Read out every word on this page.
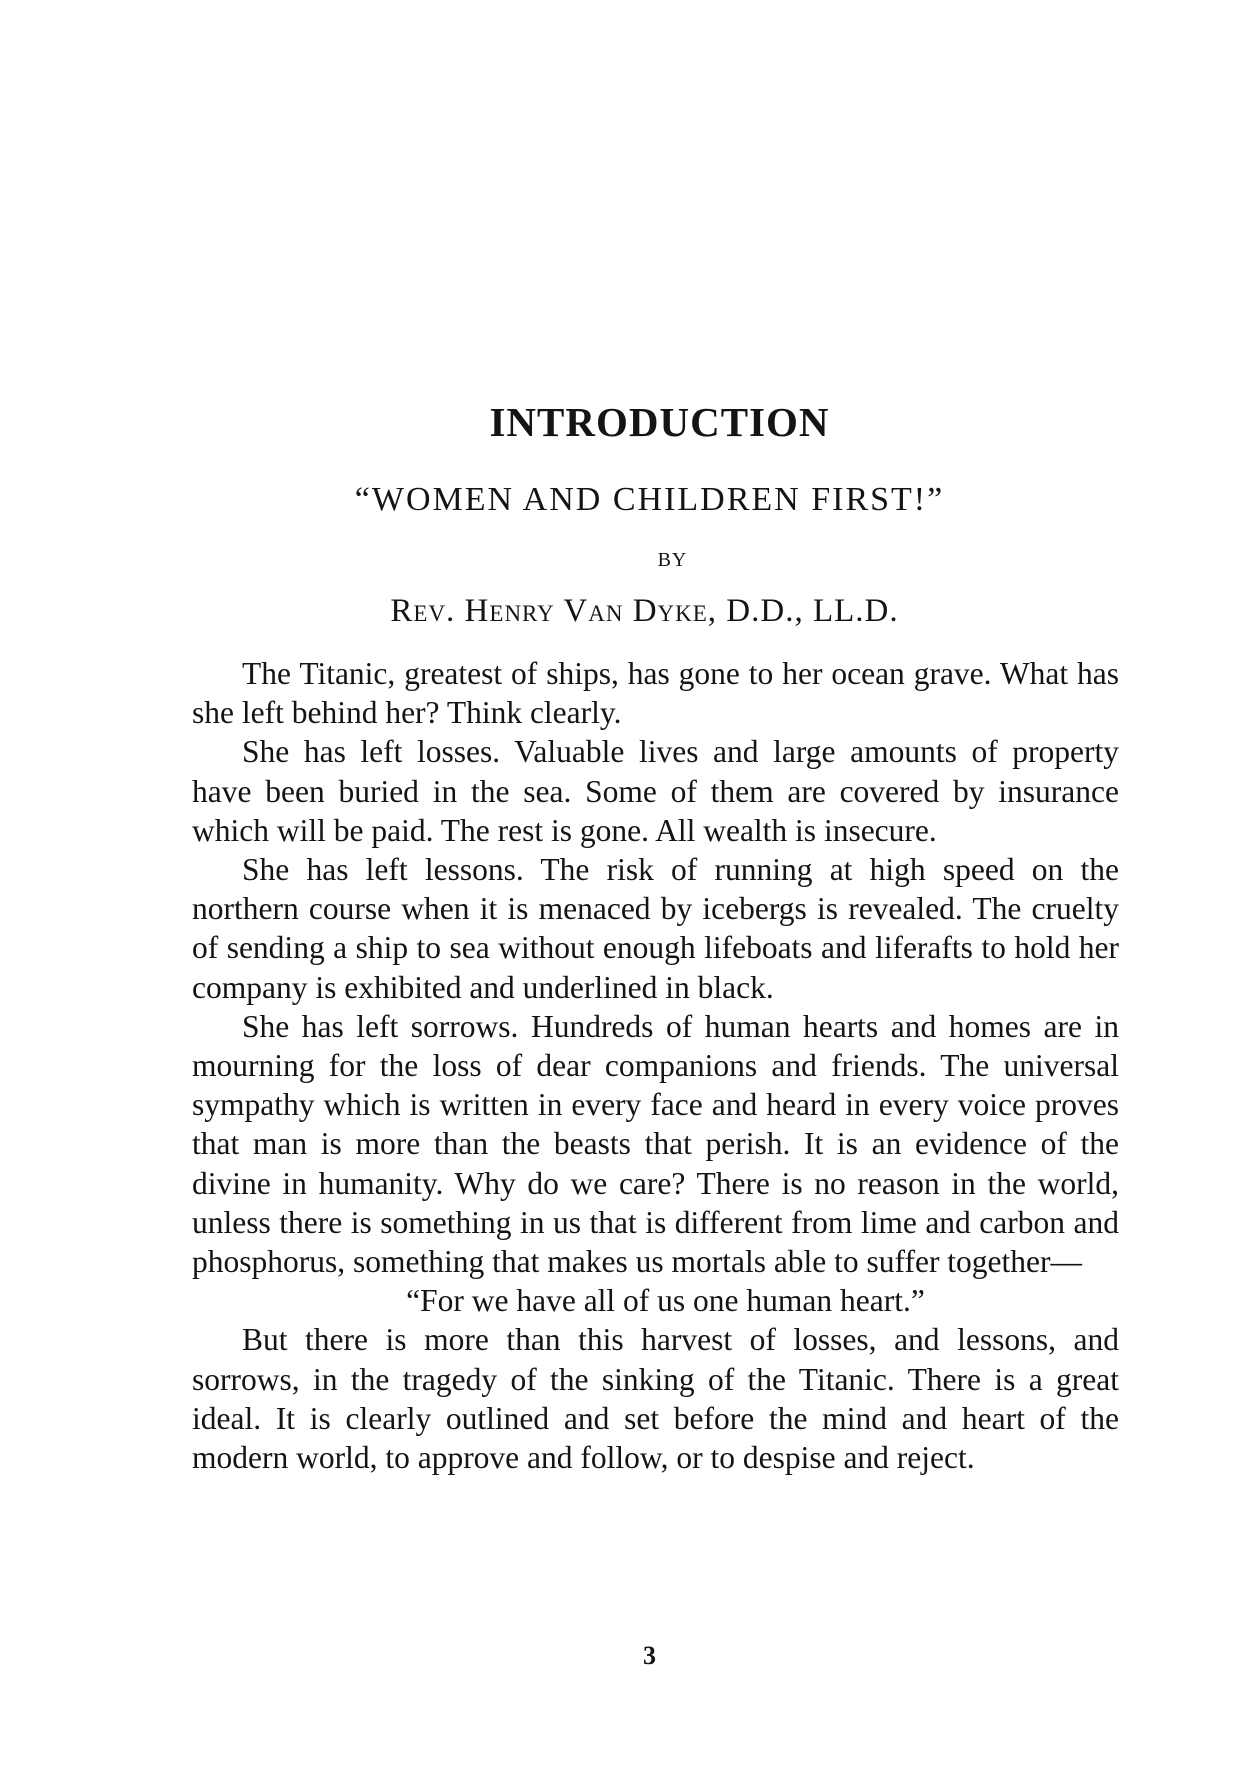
INTRODUCTION
“WOMEN AND CHILDREN FIRST!”
BY
Rev. Henry Van Dyke, D.D., LL.D.

The Titanic, greatest of ships, has gone to her ocean grave. What has she left behind her? Think clearly.

She has left losses. Valuable lives and large amounts of property have been buried in the sea. Some of them are covered by insurance which will be paid. The rest is gone. All wealth is insecure.

She has left lessons. The risk of running at high speed on the northern course when it is menaced by icebergs is revealed. The cruelty of sending a ship to sea without enough lifeboats and liferafts to hold her company is exhibited and underlined in black.

She has left sorrows. Hundreds of human hearts and homes are in mourning for the loss of dear companions and friends. The universal sympathy which is written in every face and heard in every voice proves that man is more than the beasts that perish. It is an evidence of the divine in humanity. Why do we care? There is no reason in the world, unless there is something in us that is different from lime and carbon and phosphorus, something that makes us mortals able to suffer together—

“For we have all of us one human heart.”

But there is more than this harvest of losses, and lessons, and sorrows, in the tragedy of the sinking of the Titanic. There is a great ideal. It is clearly outlined and set before the mind and heart of the modern world, to approve and follow, or to despise and reject.

3
